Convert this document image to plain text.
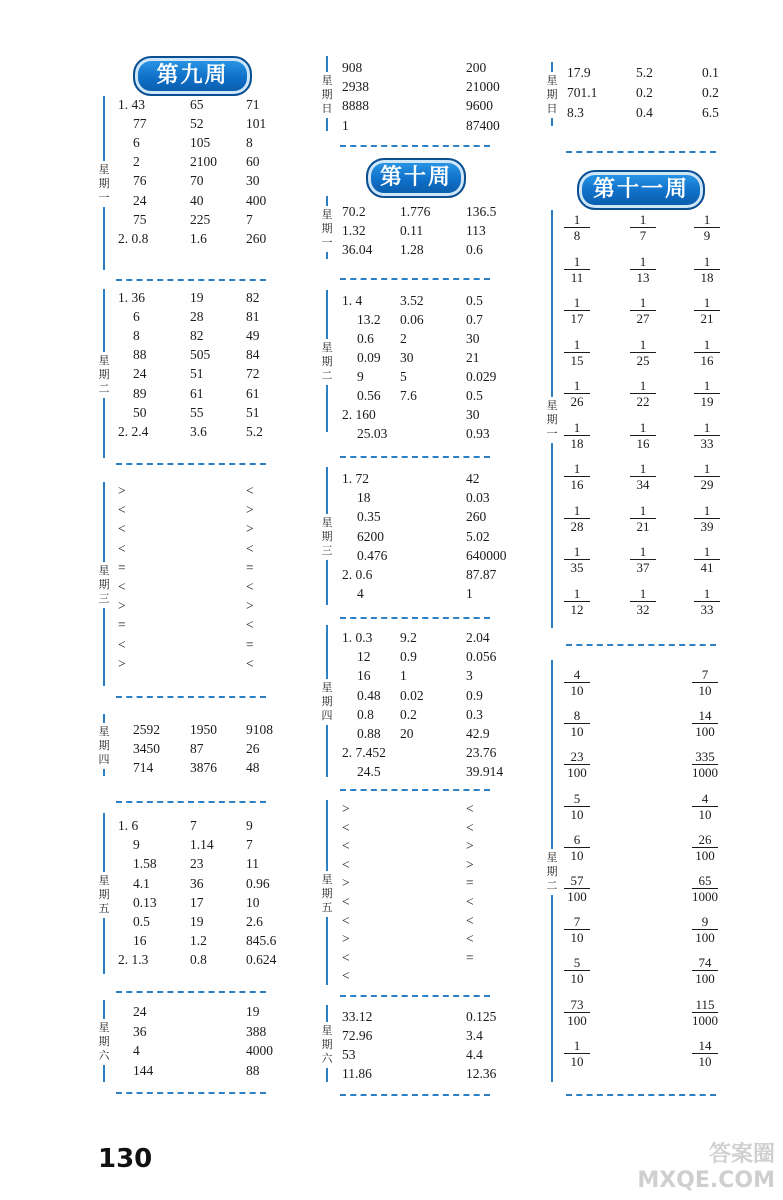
第九周
1. 43	65	71
77	52	101
6	105	8
2	2100 60
76	70	30
24	40	400
75	225	7
2. 0.8	1.6	260
星期一
1. 36	19	82
6	28	81
8	82	49
88	505	84
24	51	72
89	61	61
50	55	51
2. 2.4	3.6	5.2
星期二
>	<
<	>
<	>
<	<
=	=
<	<
>	>
=	<
<	=
>	<
星期三
2592 1950 9108
3450 87	26
714	3876 48
星期四
1. 6	7	9
9	1.14 7
1.58 23	11
4.1	36	0.96
0.13 17	10
0.5	19	2.6
16	1.2	845.6
2. 1.3	0.8	0.624
星期五
24	19
36	388
4	4000
144	88
星期六
第十周
908	200
2938	21000
8888	9600
1	87400
星期日
70.2	1.776	136.5
1.32	0.11	113
36.04 1.28	0.6
星期一
1. 4	3.52	0.5
13.2 0.06	0.7
0.6 2	30
0.09 30	21
9	5	0.029
0.56 7.6	0.5
2. 160	30
25.03	0.93
星期二
1. 72	42
18	0.03
0.35	260
6200	5.02
0.476	640000
2. 0.6	87.87
4	1
星期三
1. 0.3 9.2	2.04
12 0.9	0.056
16 1	3
0.48 0.02	0.9
0.8 0.2	0.3
0.88 20	42.9
2. 7.452	23.76
24.5	39.914
星期四
>	<
<	<
<	>
<	>
>	=
<	<
<	<
>	<
<	=
<
星期五
33.12	0.125
72.96	3.4
53	4.4
11.86	12.36
星期六
17.9	5.2	0.1
701.1	0.2	0.2
8.3	0.4	6.5
星期日
第十一周
$\frac{1}{8}$	$\frac{1}{7}$	$\frac{1}{9}$
$\frac{1}{11}$	$\frac{1}{13}$	$\frac{1}{18}$
$\frac{1}{17}$	$\frac{1}{27}$	$\frac{1}{21}$
$\frac{1}{15}$	$\frac{1}{25}$	$\frac{1}{16}$
$\frac{1}{26}$	$\frac{1}{22}$	$\frac{1}{19}$
$\frac{1}{18}$	$\frac{1}{16}$	$\frac{1}{33}$
$\frac{1}{16}$	$\frac{1}{34}$	$\frac{1}{29}$
$\frac{1}{28}$	$\frac{1}{21}$	$\frac{1}{39}$
$\frac{1}{35}$	$\frac{1}{37}$	$\frac{1}{41}$
$\frac{1}{12}$	$\frac{1}{32}$	$\frac{1}{33}$
星期一
$\frac{4}{10}$	$\frac{7}{10}$
$\frac{8}{10}$	$\frac{14}{100}$
$\frac{23}{100}$	$\frac{335}{1000}$
$\frac{5}{10}$	$\frac{4}{10}$
$\frac{6}{10}$	$\frac{26}{100}$
$\frac{57}{100}$	$\frac{65}{1000}$
$\frac{7}{10}$	$\frac{9}{100}$
$\frac{5}{10}$	$\frac{74}{100}$
$\frac{73}{100}$	$\frac{115}{1000}$
$\frac{1}{10}$	$\frac{14}{10}$
星期二
130	答案圈
MXQE.COM
